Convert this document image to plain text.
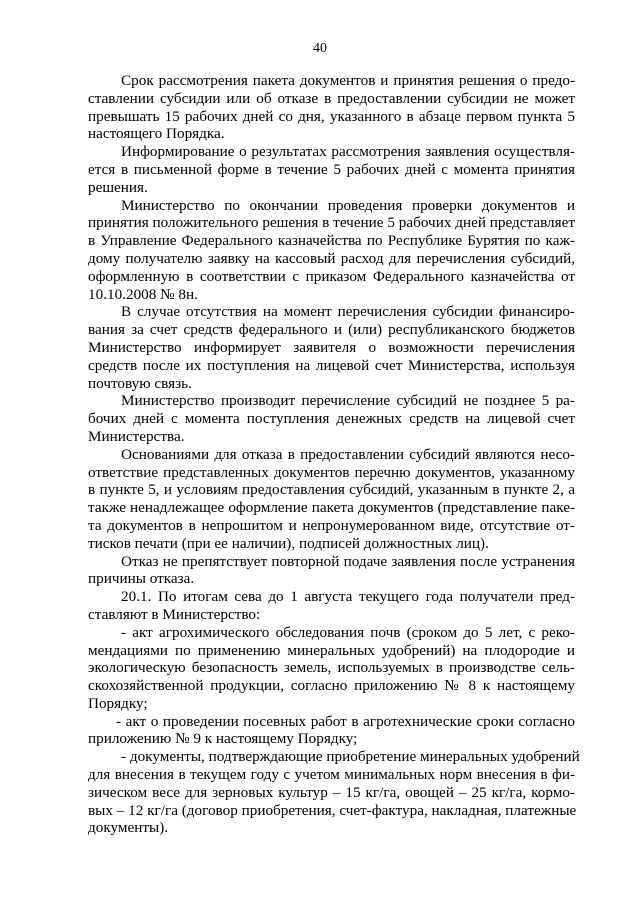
40
Срок рассмотрения пакета документов и принятия решения о предо-
ставлении субсидии или об отказе в предоставлении субсидии не может
превышать 15 рабочих дней со дня, указанного в абзаце первом пункта 5
настоящего Порядка.
Информирование о результатах рассмотрения заявления осуществля-
ется в письменной форме в течение 5 рабочих дней с момента принятия
решения.
Министерство по окончании проведения проверки документов и
принятия положительного решения в течение 5 рабочих дней представляет
в Управление Федерального казначейства по Республике Бурятия по каж-
дому получателю заявку на кассовый расход для перечисления субсидий,
оформленную в соответствии с приказом Федерального казначейства от
10.10.2008 № 8н.
В случае отсутствия на момент перечисления субсидии финансиро-
вания за счет средств федерального и (или) республиканского бюджетов
Министерство информирует заявителя о возможности перечисления
средств после их поступления на лицевой счет Министерства, используя
почтовую связь.
Министерство производит перечисление субсидий не позднее 5 ра-
бочих дней с момента поступления денежных средств на лицевой счет
Министерства.
Основаниями для отказа в предоставлении субсидий являются несо-
ответствие представленных документов перечню документов, указанному
в пункте 5, и условиям предоставления субсидий, указанным в пункте 2, а
также ненадлежащее оформление пакета документов (представление паке-
та документов в непрошитом и непронумерованном виде, отсутствие от-
тисков печати (при ее наличии), подписей должностных лиц).
Отказ не препятствует повторной подаче заявления после устранения
причины отказа.
20.1. По итогам сева до 1 августа текущего года получатели пред-
ставляют в Министерство:
- акт агрохимического обследования почв (сроком до 5 лет, с реко-
мендациями по применению минеральных удобрений) на плодородие и
экологическую безопасность земель, используемых в производстве сель-
скохозяйственной продукции, согласно приложению № 8 к настоящему
Порядку;
- акт о проведении посевных работ в агротехнические сроки согласно
приложению № 9 к настоящему Порядку;
- документы, подтверждающие приобретение минеральных удобрений
для внесения в текущем году с учетом минимальных норм внесения в фи-
зическом весе для зерновых культур – 15 кг/га, овощей – 25 кг/га, кормо-
вых – 12 кг/га (договор приобретения, счет-фактура, накладная, платежные
документы).
